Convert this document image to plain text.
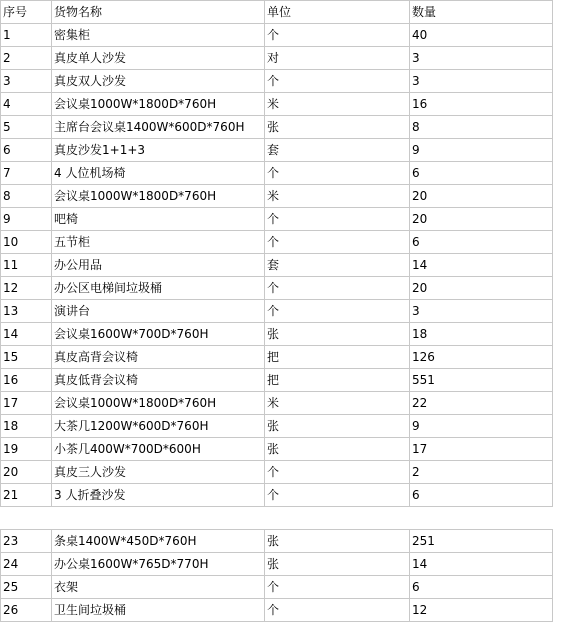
序号	货物名称	单位	数量
1	密集柜	个	40
2	真皮单人沙发	对	3
3	真皮双人沙发	个	3
4	会议桌1000W*1800D*760H	米	16
5	主席台会议桌1400W*600D*760H	张	8
6	真皮沙发1+1+3	套	9
7	4 人位机场椅	个	6
8	会议桌1000W*1800D*760H	米	20
9	吧椅	个	20
10	五节柜	个	6
11	办公用品	套	14
12	办公区电梯间垃圾桶	个	20
13	演讲台	个	3
14	会议桌1600W*700D*760H	张	18
15	真皮高背会议椅	把	126
16	真皮低背会议椅	把	551
17	会议桌1000W*1800D*760H	米	22
18	大茶几1200W*600D*760H	张	9
19	小茶几400W*700D*600H	张	17
20	真皮三人沙发	个	2
21	3 人折叠沙发	个	6

23	条桌1400W*450D*760H	张	251
24	办公桌1600W*765D*770H	张	14
25	衣架	个	6
26	卫生间垃圾桶	个	12
